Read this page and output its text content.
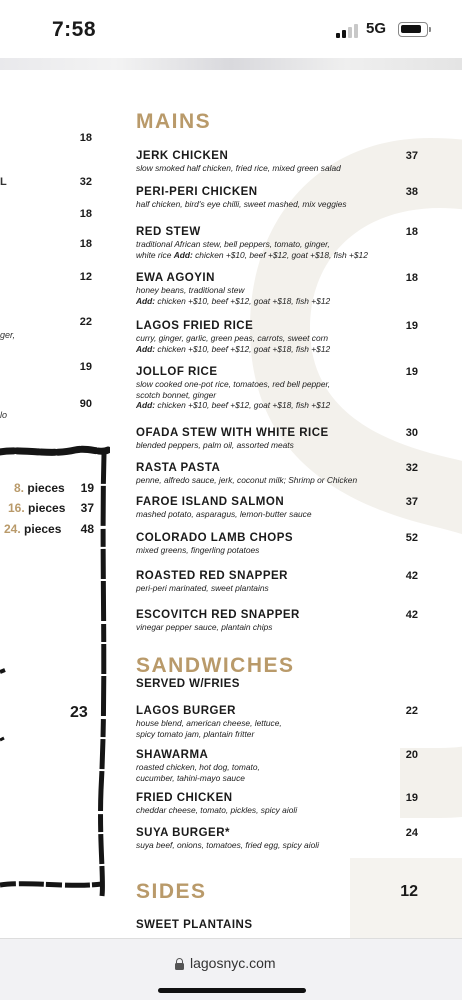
7:58	5G
18
32
18
18
12
22
19
90
L
ger,
lo
8. pieces	19
16. pieces	37
24. pieces	48
23
MAINS
JERK CHICKEN
slow smoked half chicken, fried rice, mixed green salad
37
PERI-PERI CHICKEN
half chicken, bird's eye chilli, sweet mashed, mix veggies
38
RED STEW
traditional African stew, bell peppers, tomato, ginger,
white rice Add: chicken +$10, beef +$12, goat +$18, fish +$12
18
EWA AGOYIN
honey beans, traditional stew
Add: chicken +$10, beef +$12, goat +$18, fish +$12
18
LAGOS FRIED RICE
curry, ginger, garlic, green peas, carrots, sweet corn
Add: chicken +$10, beef +$12, goat +$18, fish +$12
19
JOLLOF RICE
slow cooked one-pot rice, tomatoes, red bell pepper,
scotch bonnet, ginger
Add: chicken +$10, beef +$12, goat +$18, fish +$12
19
OFADA STEW WITH WHITE RICE
blended peppers, palm oil, assorted meats
30
RASTA PASTA
penne, alfredo sauce, jerk, coconut milk; Shrimp or Chicken
32
FAROE ISLAND SALMON
mashed potato, asparagus, lemon-butter sauce
37
COLORADO LAMB CHOPS
mixed greens, fingerling potatoes
52
ROASTED RED SNAPPER
peri-peri marinated, sweet plantains
42
ESCOVITCH RED SNAPPER
vinegar pepper sauce, plantain chips
42
SANDWICHES
SERVED W/FRIES
LAGOS BURGER
house blend, american cheese, lettuce,
spicy tomato jam, plantain fritter
22
SHAWARMA
roasted chicken, hot dog, tomato,
cucumber, tahini-mayo sauce
20
FRIED CHICKEN
cheddar cheese, tomato, pickles, spicy aioli
19
SUYA BURGER*
suya beef, onions, tomatoes, fried egg, spicy aioli
24
SIDES	12
SWEET PLANTAINS
lagosnyc.com
